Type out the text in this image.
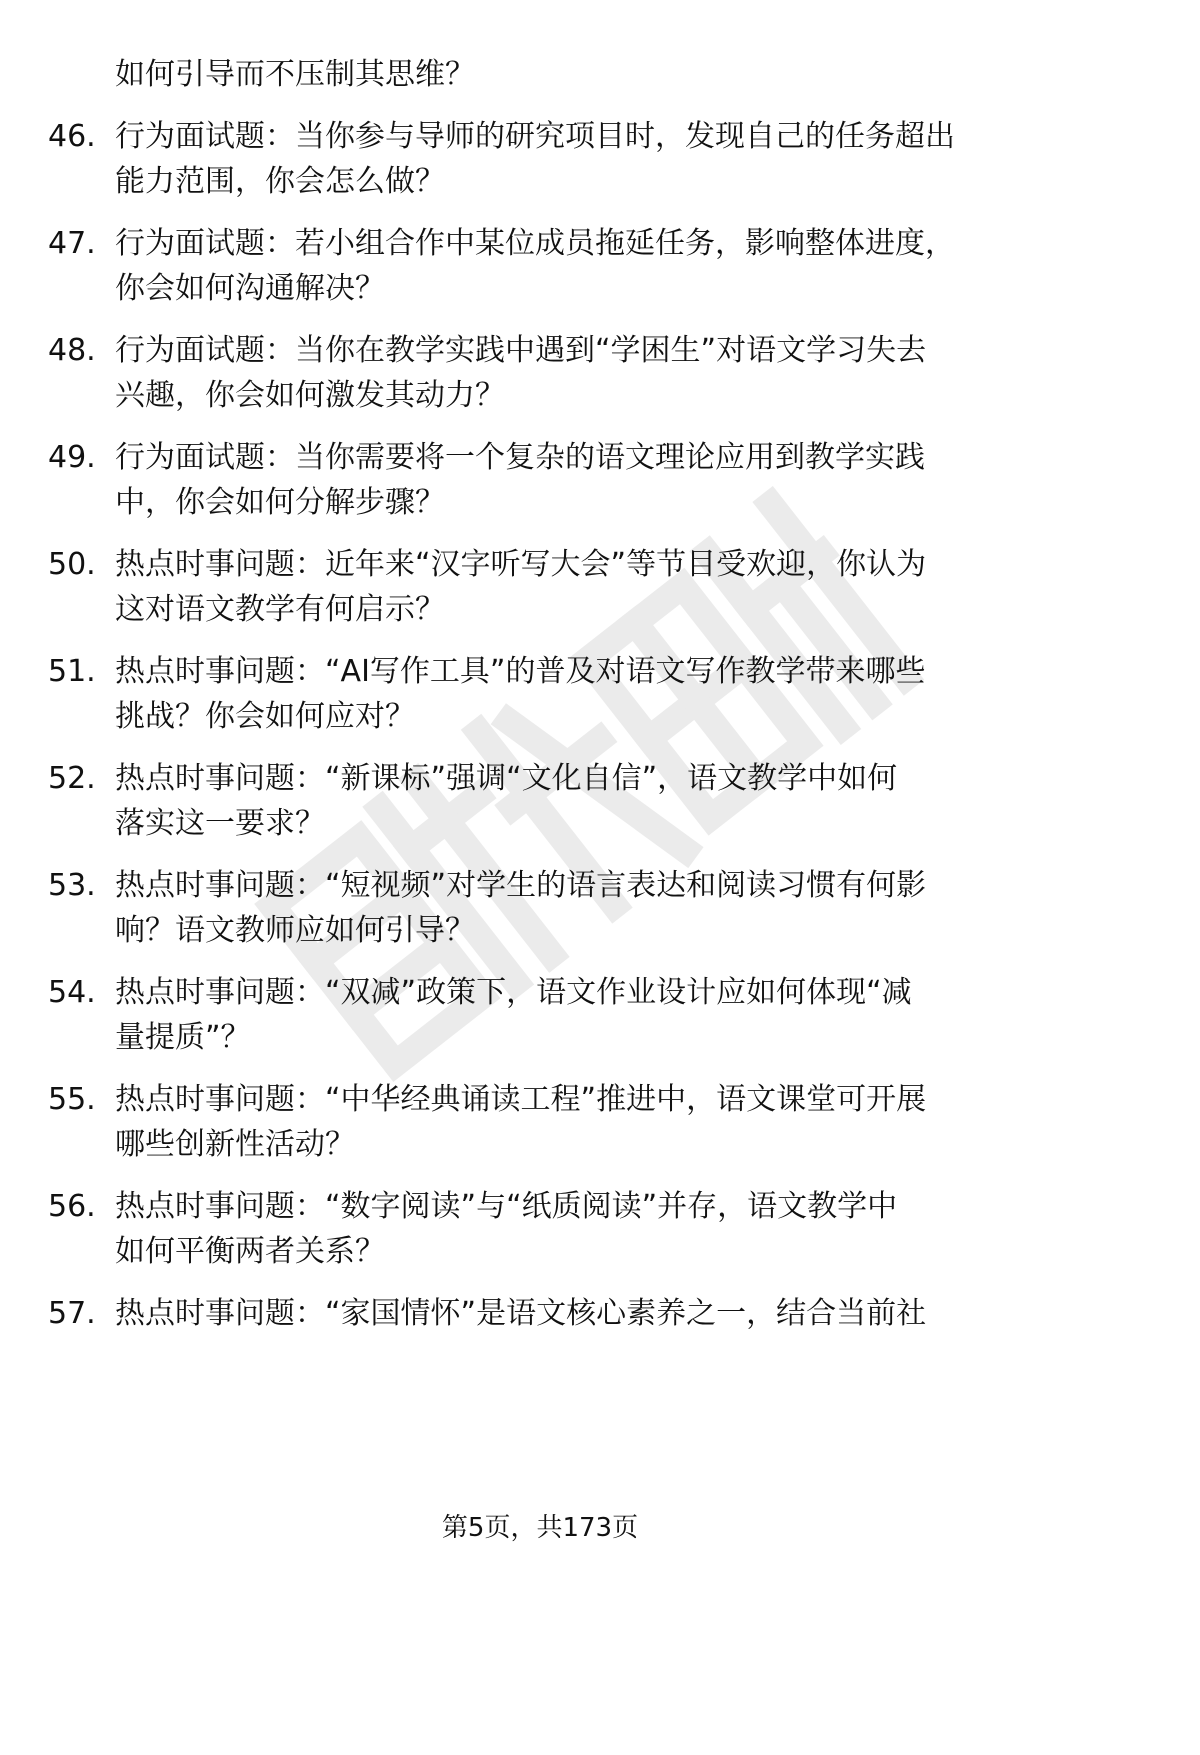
如何引导而不压制其思维？
46. 行为面试题：当你参与导师的研究项目时，发现自己的任务超出
能力范围，你会怎么做？
47. 行为面试题：若小组合作中某位成员拖延任务，影响整体进度，
你会如何沟通解决？
48. 行为面试题：当你在教学实践中遇到“学困生”对语文学习失去
兴趣，你会如何激发其动力？
49. 行为面试题：当你需要将一个复杂的语文理论应用到教学实践
中，你会如何分解步骤？
50. 热点时事问题：近年来“汉字听写大会”等节目受欢迎，你认为
这对语文教学有何启示？
51. 热点时事问题：“AI写作工具”的普及对语文写作教学带来哪些
挑战？你会如何应对？
52. 热点时事问题：“新课标”强调“文化自信”，语文教学中如何
落实这一要求？
53. 热点时事问题：“短视频”对学生的语言表达和阅读习惯有何影
响？语文教师应如何引导？
54. 热点时事问题：“双减”政策下，语文作业设计应如何体现“减
量提质”？
55. 热点时事问题：“中华经典诵读工程”推进中，语文课堂可开展
哪些创新性活动？
56. 热点时事问题：“数字阅读”与“纸质阅读”并存，语文教学中
如何平衡两者关系？
57. 热点时事问题：“家国情怀”是语文核心素养之一，结合当前社
第5页，共173页
